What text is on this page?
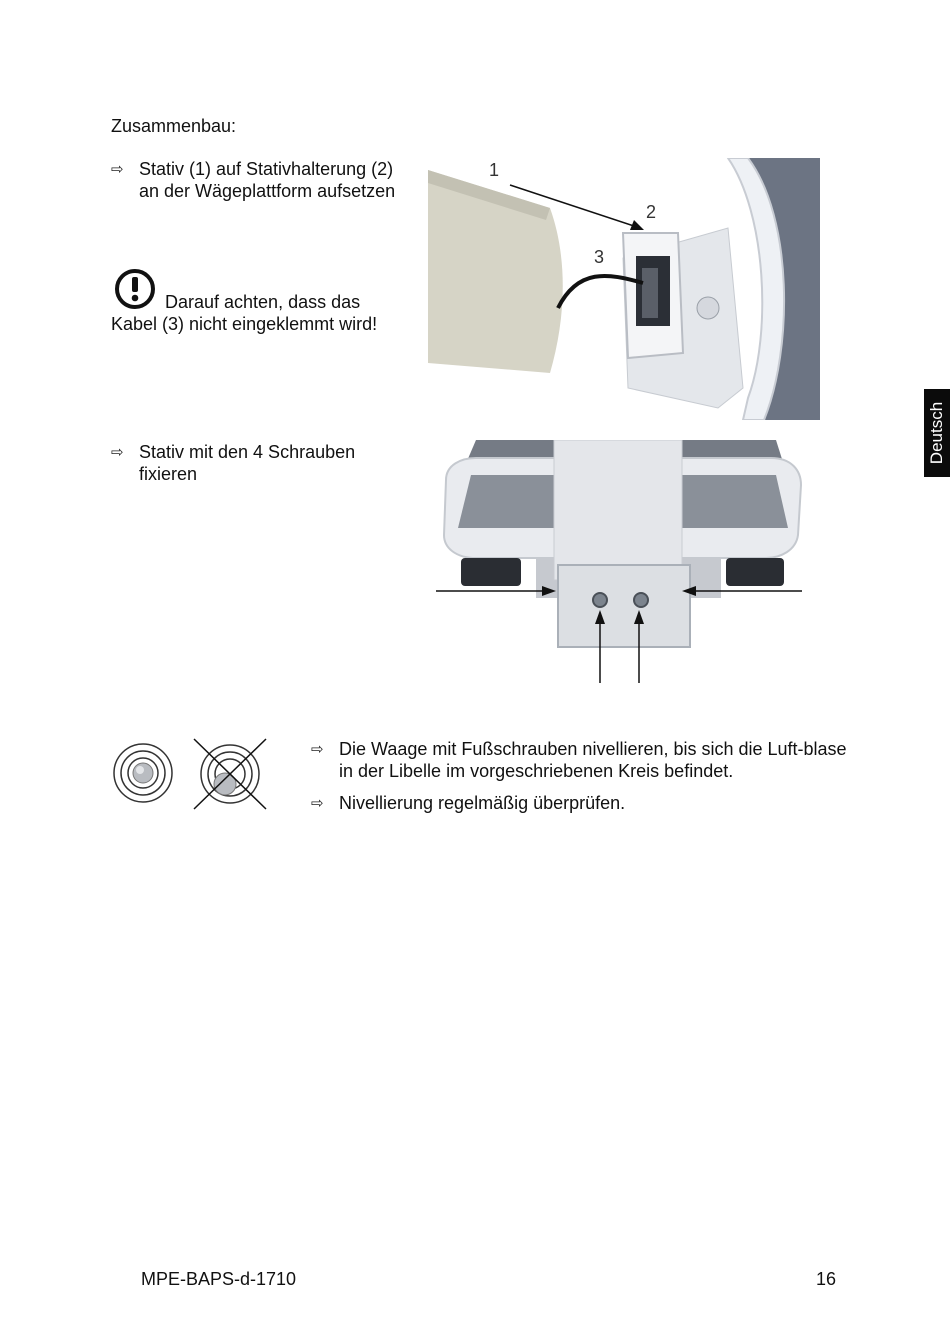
Zusammenbau:
⇨ Stativ (1) auf Stativhalterung (2) an der Wägeplattform aufsetzen
Darauf achten, dass das Kabel (3) nicht eingeklemmt wird!
⇨ Stativ mit den 4 Schrauben fixieren
1
2
3
⇨ Die Waage mit Fußschrauben nivellieren, bis sich die Luft-blase in der Libelle im vorgeschriebenen Kreis befindet.
⇨ Nivellierung regelmäßig überprüfen.
Deutsch
MPE-BAPS-d-1710	16
